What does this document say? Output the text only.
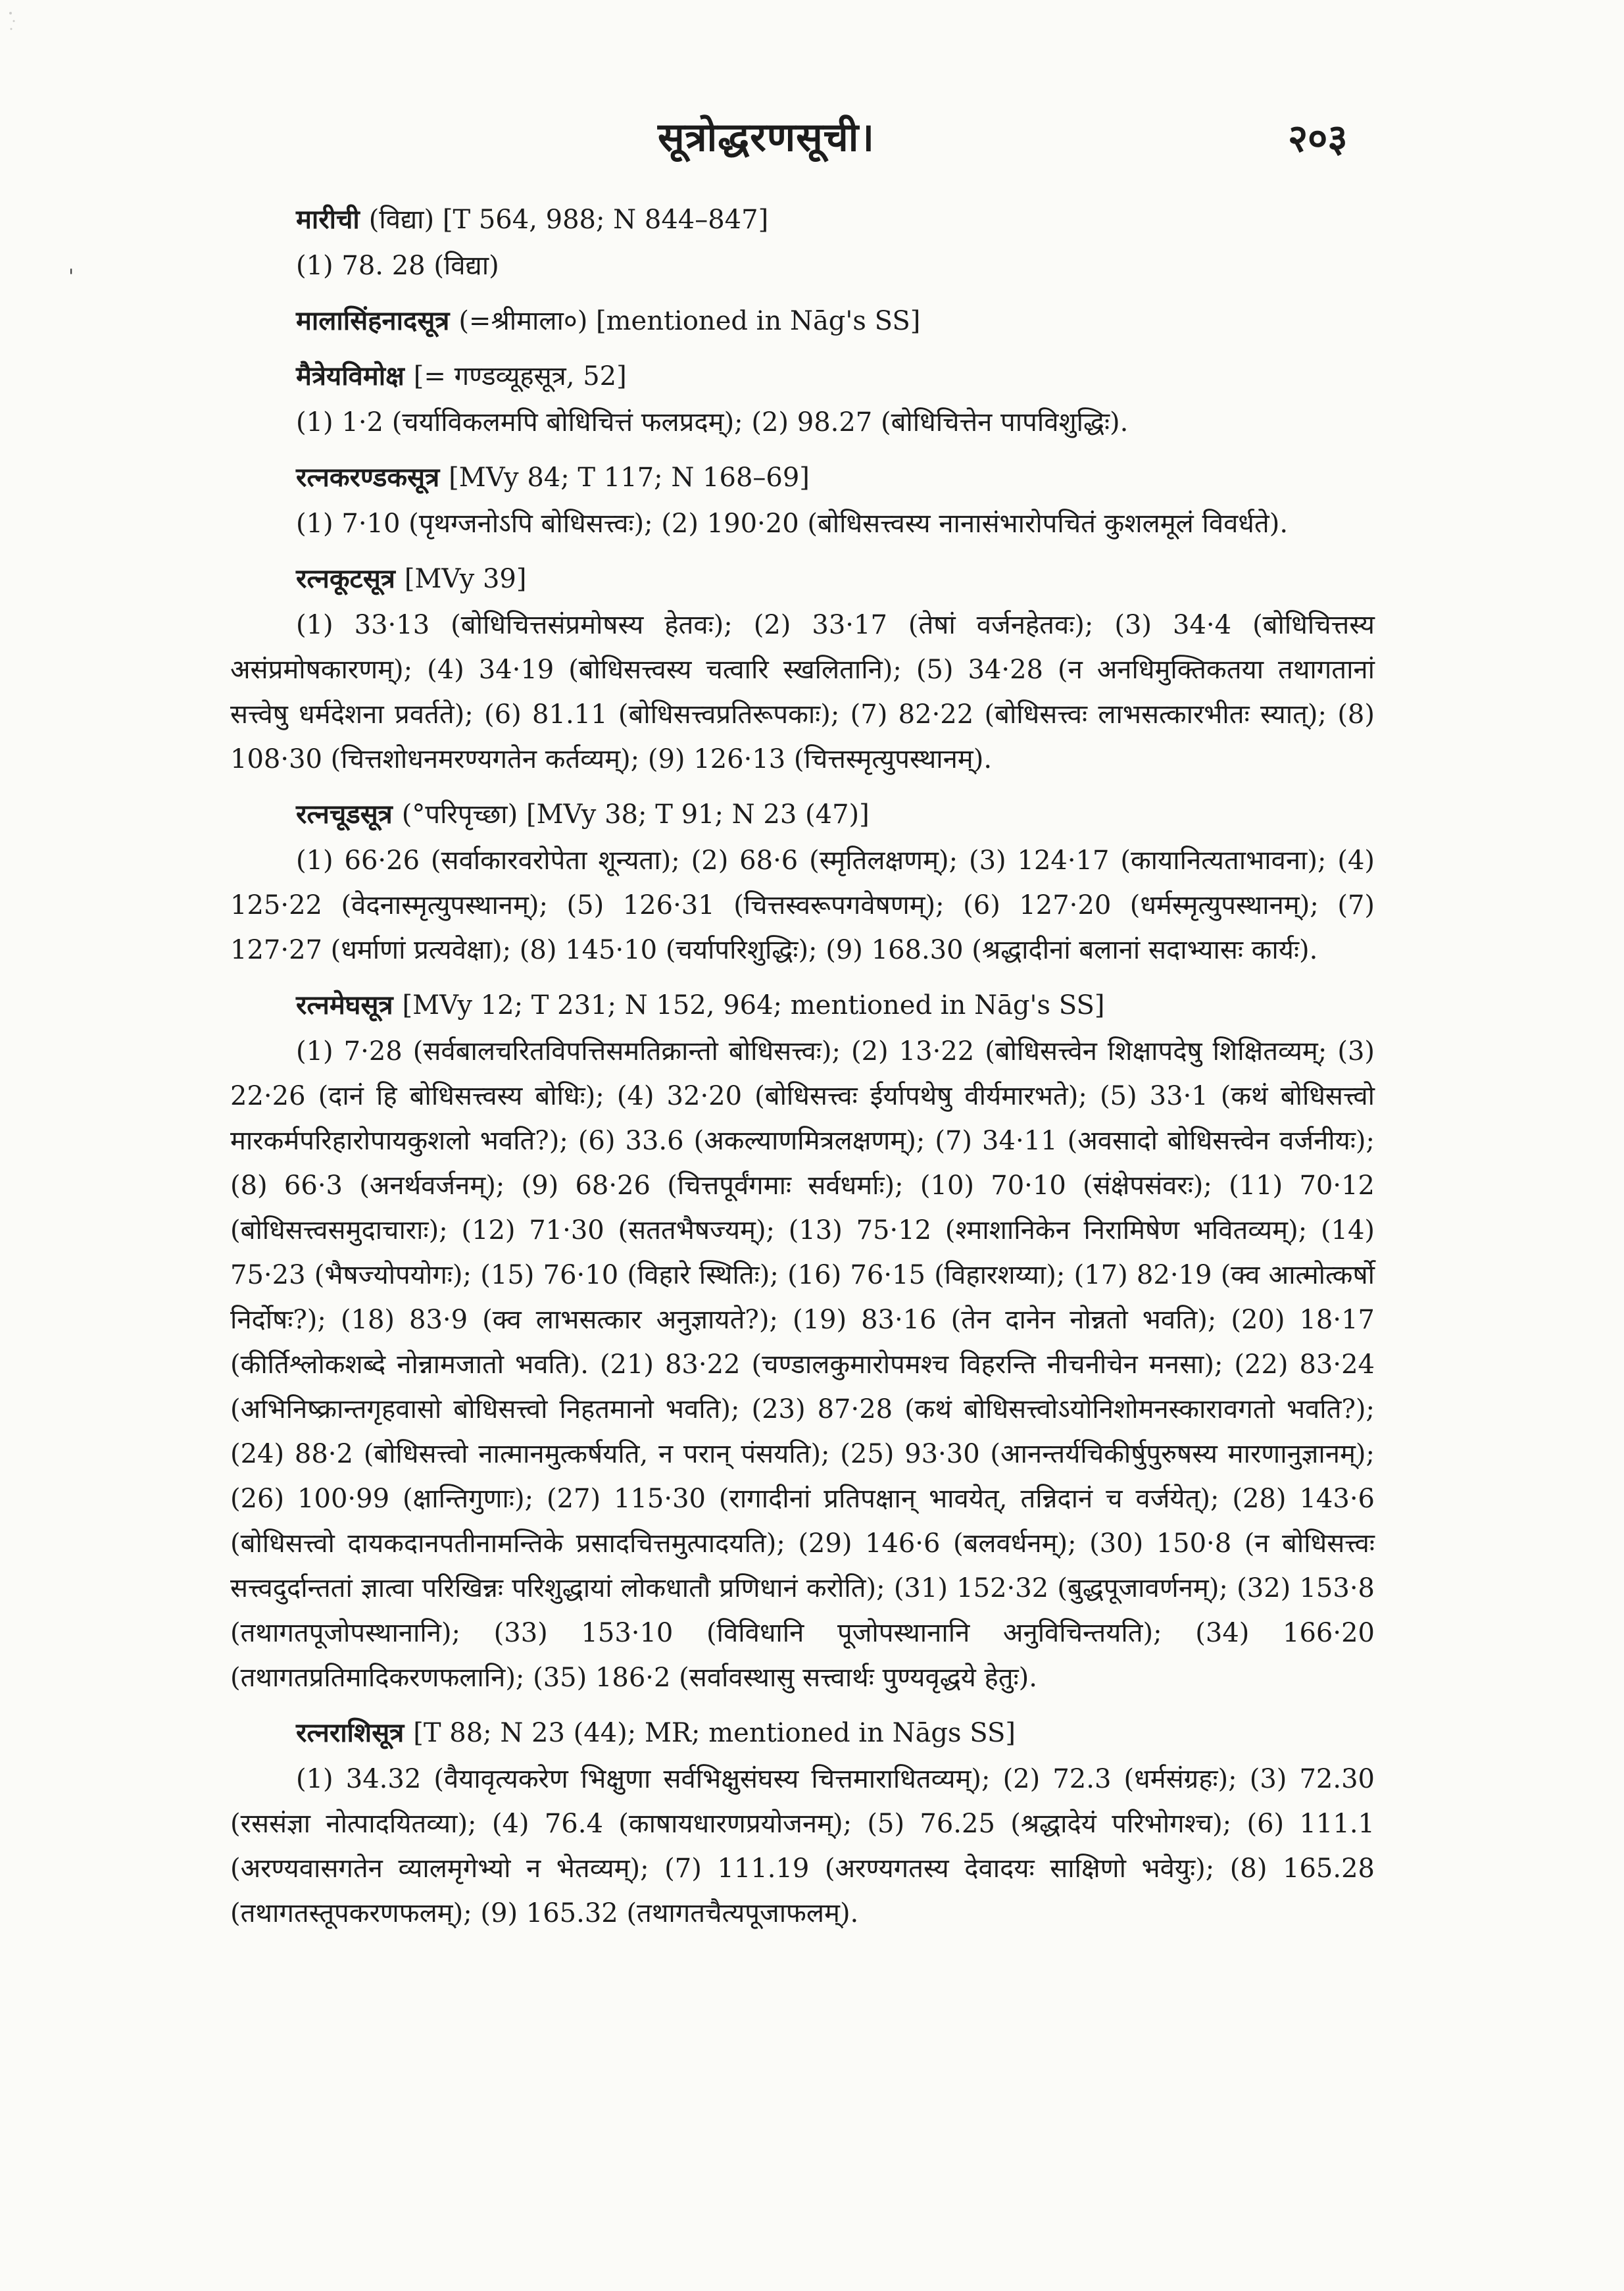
'
सूत्रोद्धरणसूची।	२०३
मारीची (विद्या) [T 564, 988; N 844–847]
(1) 78. 28 (विद्या)
मालासिंहनादसूत्र (=श्रीमाला०) [mentioned in Nāg's SS]
मैत्रेयविमोक्ष [= गण्डव्यूहसूत्र, 52]
(1) 1·2 (चर्याविकलमपि बोधिचित्तं फलप्रदम्); (2) 98.27 (बोधिचित्तेन पापविशुद्धिः).
रत्नकरण्डकसूत्र [MVy 84; T 117; N 168–69]
(1) 7·10 (पृथग्जनोऽपि बोधिसत्त्वः); (2) 190·20 (बोधिसत्त्वस्य नानासंभारोपचितं कुशलमूलं विवर्धते).
रत्नकूटसूत्र [MVy 39]
(1) 33·13 (बोधिचित्तसंप्रमोषस्य हेतवः); (2) 33·17 (तेषां वर्जनहेतवः); (3) 34·4 (बोधिचित्तस्य असंप्रमोषकारणम्); (4) 34·19 (बोधिसत्त्वस्य चत्वारि स्खलितानि); (5) 34·28 (न अनधिमुक्तिकतया तथागतानां सत्त्वेषु धर्मदेशना प्रवर्तते); (6) 81.11 (बोधिसत्त्वप्रतिरूपकाः); (7) 82·22 (बोधिसत्त्वः लाभसत्कारभीतः स्यात्); (8) 108·30 (चित्तशोधनमरण्यगतेन कर्तव्यम्); (9) 126·13 (चित्तस्मृत्युपस्थानम्).
रत्नचूडसूत्र (°परिपृच्छा) [MVy 38; T 91; N 23 (47)]
(1) 66·26 (सर्वाकारवरोपेता शून्यता); (2) 68·6 (स्मृतिलक्षणम्); (3) 124·17 (कायानित्यताभावना); (4) 125·22 (वेदनास्मृत्युपस्थानम्); (5) 126·31 (चित्तस्वरूपगवेषणम्); (6) 127·20 (धर्मस्मृत्युपस्थानम्); (7) 127·27 (धर्माणां प्रत्यवेक्षा); (8) 145·10 (चर्यापरिशुद्धिः); (9) 168.30 (श्रद्धादीनां बलानां सदाभ्यासः कार्यः).
रत्नमेघसूत्र [MVy 12; T 231; N 152, 964; mentioned in Nāg's SS]
(1) 7·28 (सर्वबालचरितविपत्तिसमतिक्रान्तो बोधिसत्त्वः); (2) 13·22 (बोधिसत्त्वेन शिक्षापदेषु शिक्षितव्यम्; (3) 22·26 (दानं हि बोधिसत्त्वस्य बोधिः); (4) 32·20 (बोधिसत्त्वः ईर्यापथेषु वीर्यमारभते); (5) 33·1 (कथं बोधिसत्त्वो मारकर्मपरिहारोपायकुशलो भवति?); (6) 33.6 (अकल्याणमित्रलक्षणम्); (7) 34·11 (अवसादो बोधिसत्त्वेन वर्जनीयः); (8) 66·3 (अनर्थवर्जनम्); (9) 68·26 (चित्तपूर्वंगमाः सर्वधर्माः); (10) 70·10 (संक्षेपसंवरः); (11) 70·12 (बोधिसत्त्वसमुदाचाराः); (12) 71·30 (सततभैषज्यम्); (13) 75·12 (श्माशानिकेन निरामिषेण भवितव्यम्); (14) 75·23 (भैषज्योपयोगः); (15) 76·10 (विहारे स्थितिः); (16) 76·15 (विहारशय्या); (17) 82·19 (क्व आत्मोत्कर्षो निर्दोषः?); (18) 83·9 (क्व लाभसत्कार अनुज्ञायते?); (19) 83·16 (तेन दानेन नोन्नतो भवति); (20) 18·17 (कीर्तिश्लोकशब्दे नोन्नामजातो भवति). (21) 83·22 (चण्डालकुमारोपमश्च विहरन्ति नीचनीचेन मनसा); (22) 83·24 (अभिनिष्क्रान्तगृहवासो बोधिसत्त्वो निहतमानो भवति); (23) 87·28 (कथं बोधिसत्त्वोऽयोनिशोमनस्कारावगतो भवति?); (24) 88·2 (बोधिसत्त्वो नात्मानमुत्कर्षयति, न परान् पंसयति); (25) 93·30 (आनन्तर्यचिकीर्षुपुरुषस्य मारणानुज्ञानम्); (26) 100·99 (क्षान्तिगुणाः); (27) 115·30 (रागादीनां प्रतिपक्षान् भावयेत्, तन्निदानं च वर्जयेत्); (28) 143·6 (बोधिसत्त्वो दायकदानपतीनामन्तिके प्रसादचित्तमुत्पादयति); (29) 146·6 (बलवर्धनम्); (30) 150·8 (न बोधिसत्त्वः सत्त्वदुर्दान्ततां ज्ञात्वा परिखिन्नः परिशुद्धायां लोकधातौ प्रणिधानं करोति); (31) 152·32 (बुद्धपूजावर्णनम्); (32) 153·8 (तथागतपूजोपस्थानानि); (33) 153·10 (विविधानि पूजोपस्थानानि अनुविचिन्तयति); (34) 166·20 (तथागतप्रतिमादिकरणफलानि); (35) 186·2 (सर्वावस्थासु सत्त्वार्थः पुण्यवृद्धये हेतुः).
रत्नराशिसूत्र [T 88; N 23 (44); MR; mentioned in Nāgs SS]
(1) 34.32 (वैयावृत्यकरेण भिक्षुणा सर्वभिक्षुसंघस्य चित्तमाराधितव्यम्); (2) 72.3 (धर्मसंग्रहः); (3) 72.30 (रससंज्ञा नोत्पादयितव्या); (4) 76.4 (काषायधारणप्रयोजनम्); (5) 76.25 (श्रद्धादेयं परिभोगश्च); (6) 111.1 (अरण्यवासगतेन व्यालमृगेभ्यो न भेतव्यम्); (7) 111.19 (अरण्यगतस्य देवादयः साक्षिणो भवेयुः); (8) 165.28 (तथागतस्तूपकरणफलम्); (9) 165.32 (तथागतचैत्यपूजाफलम्).
